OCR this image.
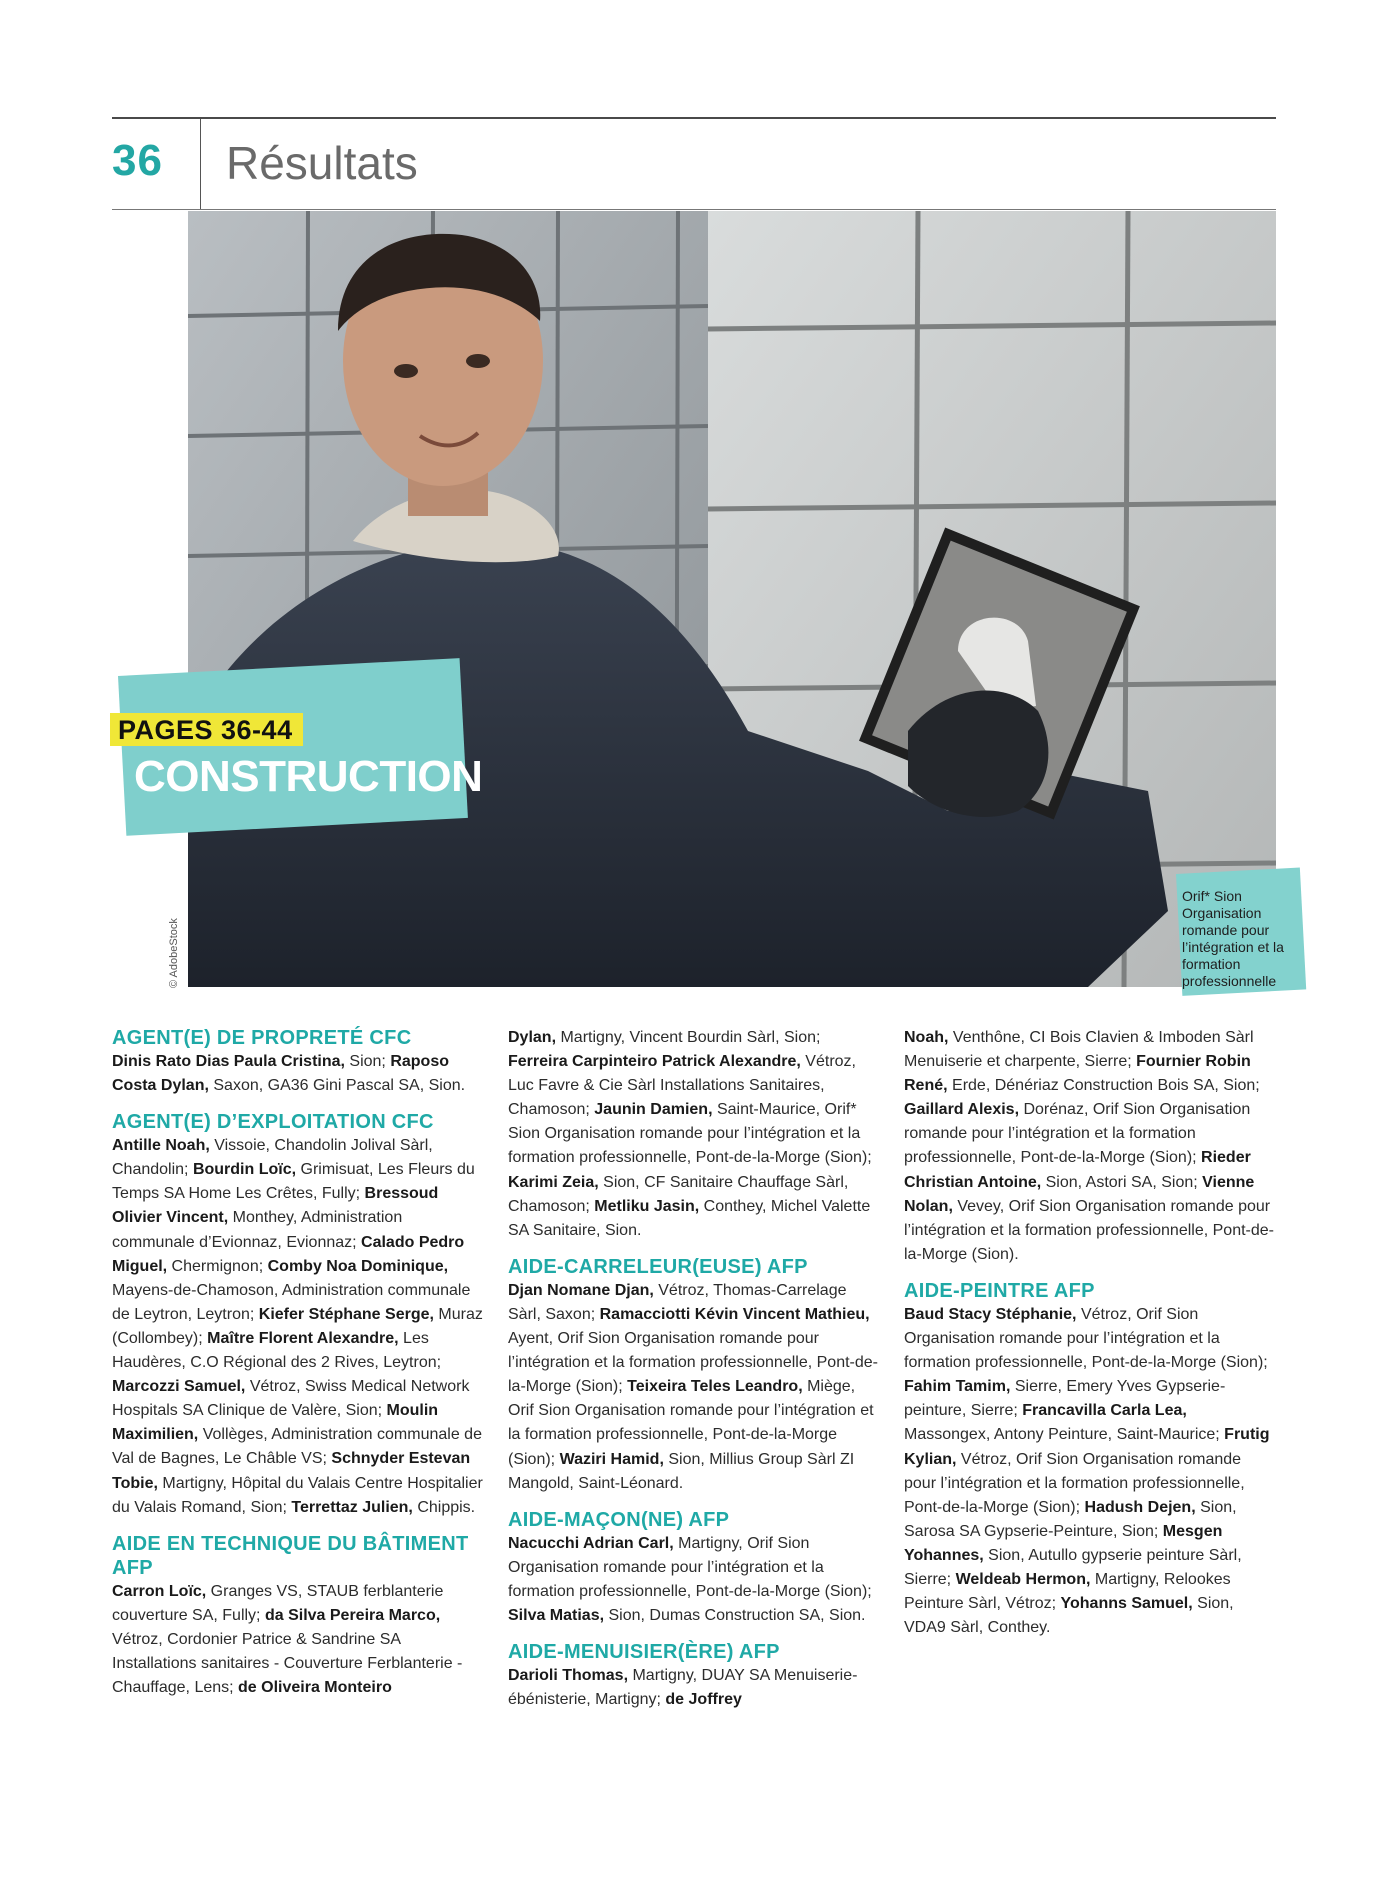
36 Résultats
© AdobeStock
PAGES 36-44
CONSTRUCTION
Orif* Sion Organisation romande pour l’intégration et la formation professionnelle
AGENT(E) DE PROPRETÉ CFC

Dinis Rato Dias Paula Cristina, Sion; Raposo Costa Dylan, Saxon, GA36 Gini Pascal SA, Sion.

AGENT(E) D’EXPLOITATION CFC

Antille Noah, Vissoie, Chandolin Jolival Sàrl, Chandolin; Bourdin Loïc, Grimisuat, Les Fleurs du Temps SA Home Les Crêtes, Fully; Bressoud Olivier Vincent, Monthey, Administration communale d’Evionnaz, Evionnaz; Calado Pedro Miguel, Chermignon; Comby Noa Dominique, Mayens-de-Chamoson, Administration communale de Leytron, Leytron; Kiefer Stéphane Serge, Muraz (Collombey); Maître Florent Alexandre, Les Haudères, C.O Régional des 2 Rives, Leytron; Marcozzi Samuel, Vétroz, Swiss Medical Network Hospitals SA Clinique de Valère, Sion; Moulin Maximilien, Vollèges, Administration communale de Val de Bagnes, Le Châble VS; Schnyder Estevan Tobie, Martigny, Hôpital du Valais Centre Hospitalier du Valais Romand, Sion; Terrettaz Julien, Chippis.

AIDE EN TECHNIQUE DU BÂTIMENT AFP

Carron Loïc, Granges VS, STAUB ferblanterie couverture SA, Fully; da Silva Pereira Marco, Vétroz, Cordonier Patrice & Sandrine SA Installations sanitaires - Couverture Ferblanterie - Chauffage, Lens; de Oliveira Monteiro

Dylan, Martigny, Vincent Bourdin Sàrl, Sion; Ferreira Carpinteiro Patrick Alexandre, Vétroz, Luc Favre & Cie Sàrl Installations Sanitaires, Chamoson; Jaunin Damien, Saint-Maurice, Orif* Sion Organisation romande pour l’intégration et la formation professionnelle, Pont-de-la-Morge (Sion); Karimi Zeia, Sion, CF Sanitaire Chauffage Sàrl, Chamoson; Metliku Jasin, Conthey, Michel Valette SA Sanitaire, Sion.

AIDE-CARRELEUR(EUSE) AFP

Djan Nomane Djan, Vétroz, Thomas-Carrelage Sàrl, Saxon; Ramacciotti Kévin Vincent Mathieu, Ayent, Orif Sion Organisation romande pour l’intégration et la formation professionnelle, Pont-de-la-Morge (Sion); Teixeira Teles Leandro, Miège, Orif Sion Organisation romande pour l’intégration et la formation professionnelle, Pont-de-la-Morge (Sion); Waziri Hamid, Sion, Millius Group Sàrl ZI Mangold, Saint-Léonard.

AIDE-MAÇON(NE) AFP

Nacucchi Adrian Carl, Martigny, Orif Sion Organisation romande pour l’intégration et la formation professionnelle, Pont-de-la-Morge (Sion); Silva Matias, Sion, Dumas Construction SA, Sion.

AIDE-MENUISIER(ÈRE) AFP

Darioli Thomas, Martigny, DUAY SA Menuiserie-ébénisterie, Martigny; de Joffrey

Noah, Venthône, CI Bois Clavien & Imboden Sàrl Menuiserie et charpente, Sierre; Fournier Robin René, Erde, Dénériaz Construction Bois SA, Sion; Gaillard Alexis, Dorénaz, Orif Sion Organisation romande pour l’intégration et la formation professionnelle, Pont-de-la-Morge (Sion); Rieder Christian Antoine, Sion, Astori SA, Sion; Vienne Nolan, Vevey, Orif Sion Organisation romande pour l’intégration et la formation professionnelle, Pont-de-la-Morge (Sion).

AIDE-PEINTRE AFP

Baud Stacy Stéphanie, Vétroz, Orif Sion Organisation romande pour l’intégration et la formation professionnelle, Pont-de-la-Morge (Sion); Fahim Tamim, Sierre, Emery Yves Gypserie-peinture, Sierre; Francavilla Carla Lea, Massongex, Antony Peinture, Saint-Maurice; Frutig Kylian, Vétroz, Orif Sion Organisation romande pour l’intégration et la formation professionnelle, Pont-de-la-Morge (Sion); Hadush Dejen, Sion, Sarosa SA Gypserie-Peinture, Sion; Mesgen Yohannes, Sion, Autullo gypserie peinture Sàrl, Sierre; Weldeab Hermon, Martigny, Relookes Peinture Sàrl, Vétroz; Yohanns Samuel, Sion, VDA9 Sàrl, Conthey.
